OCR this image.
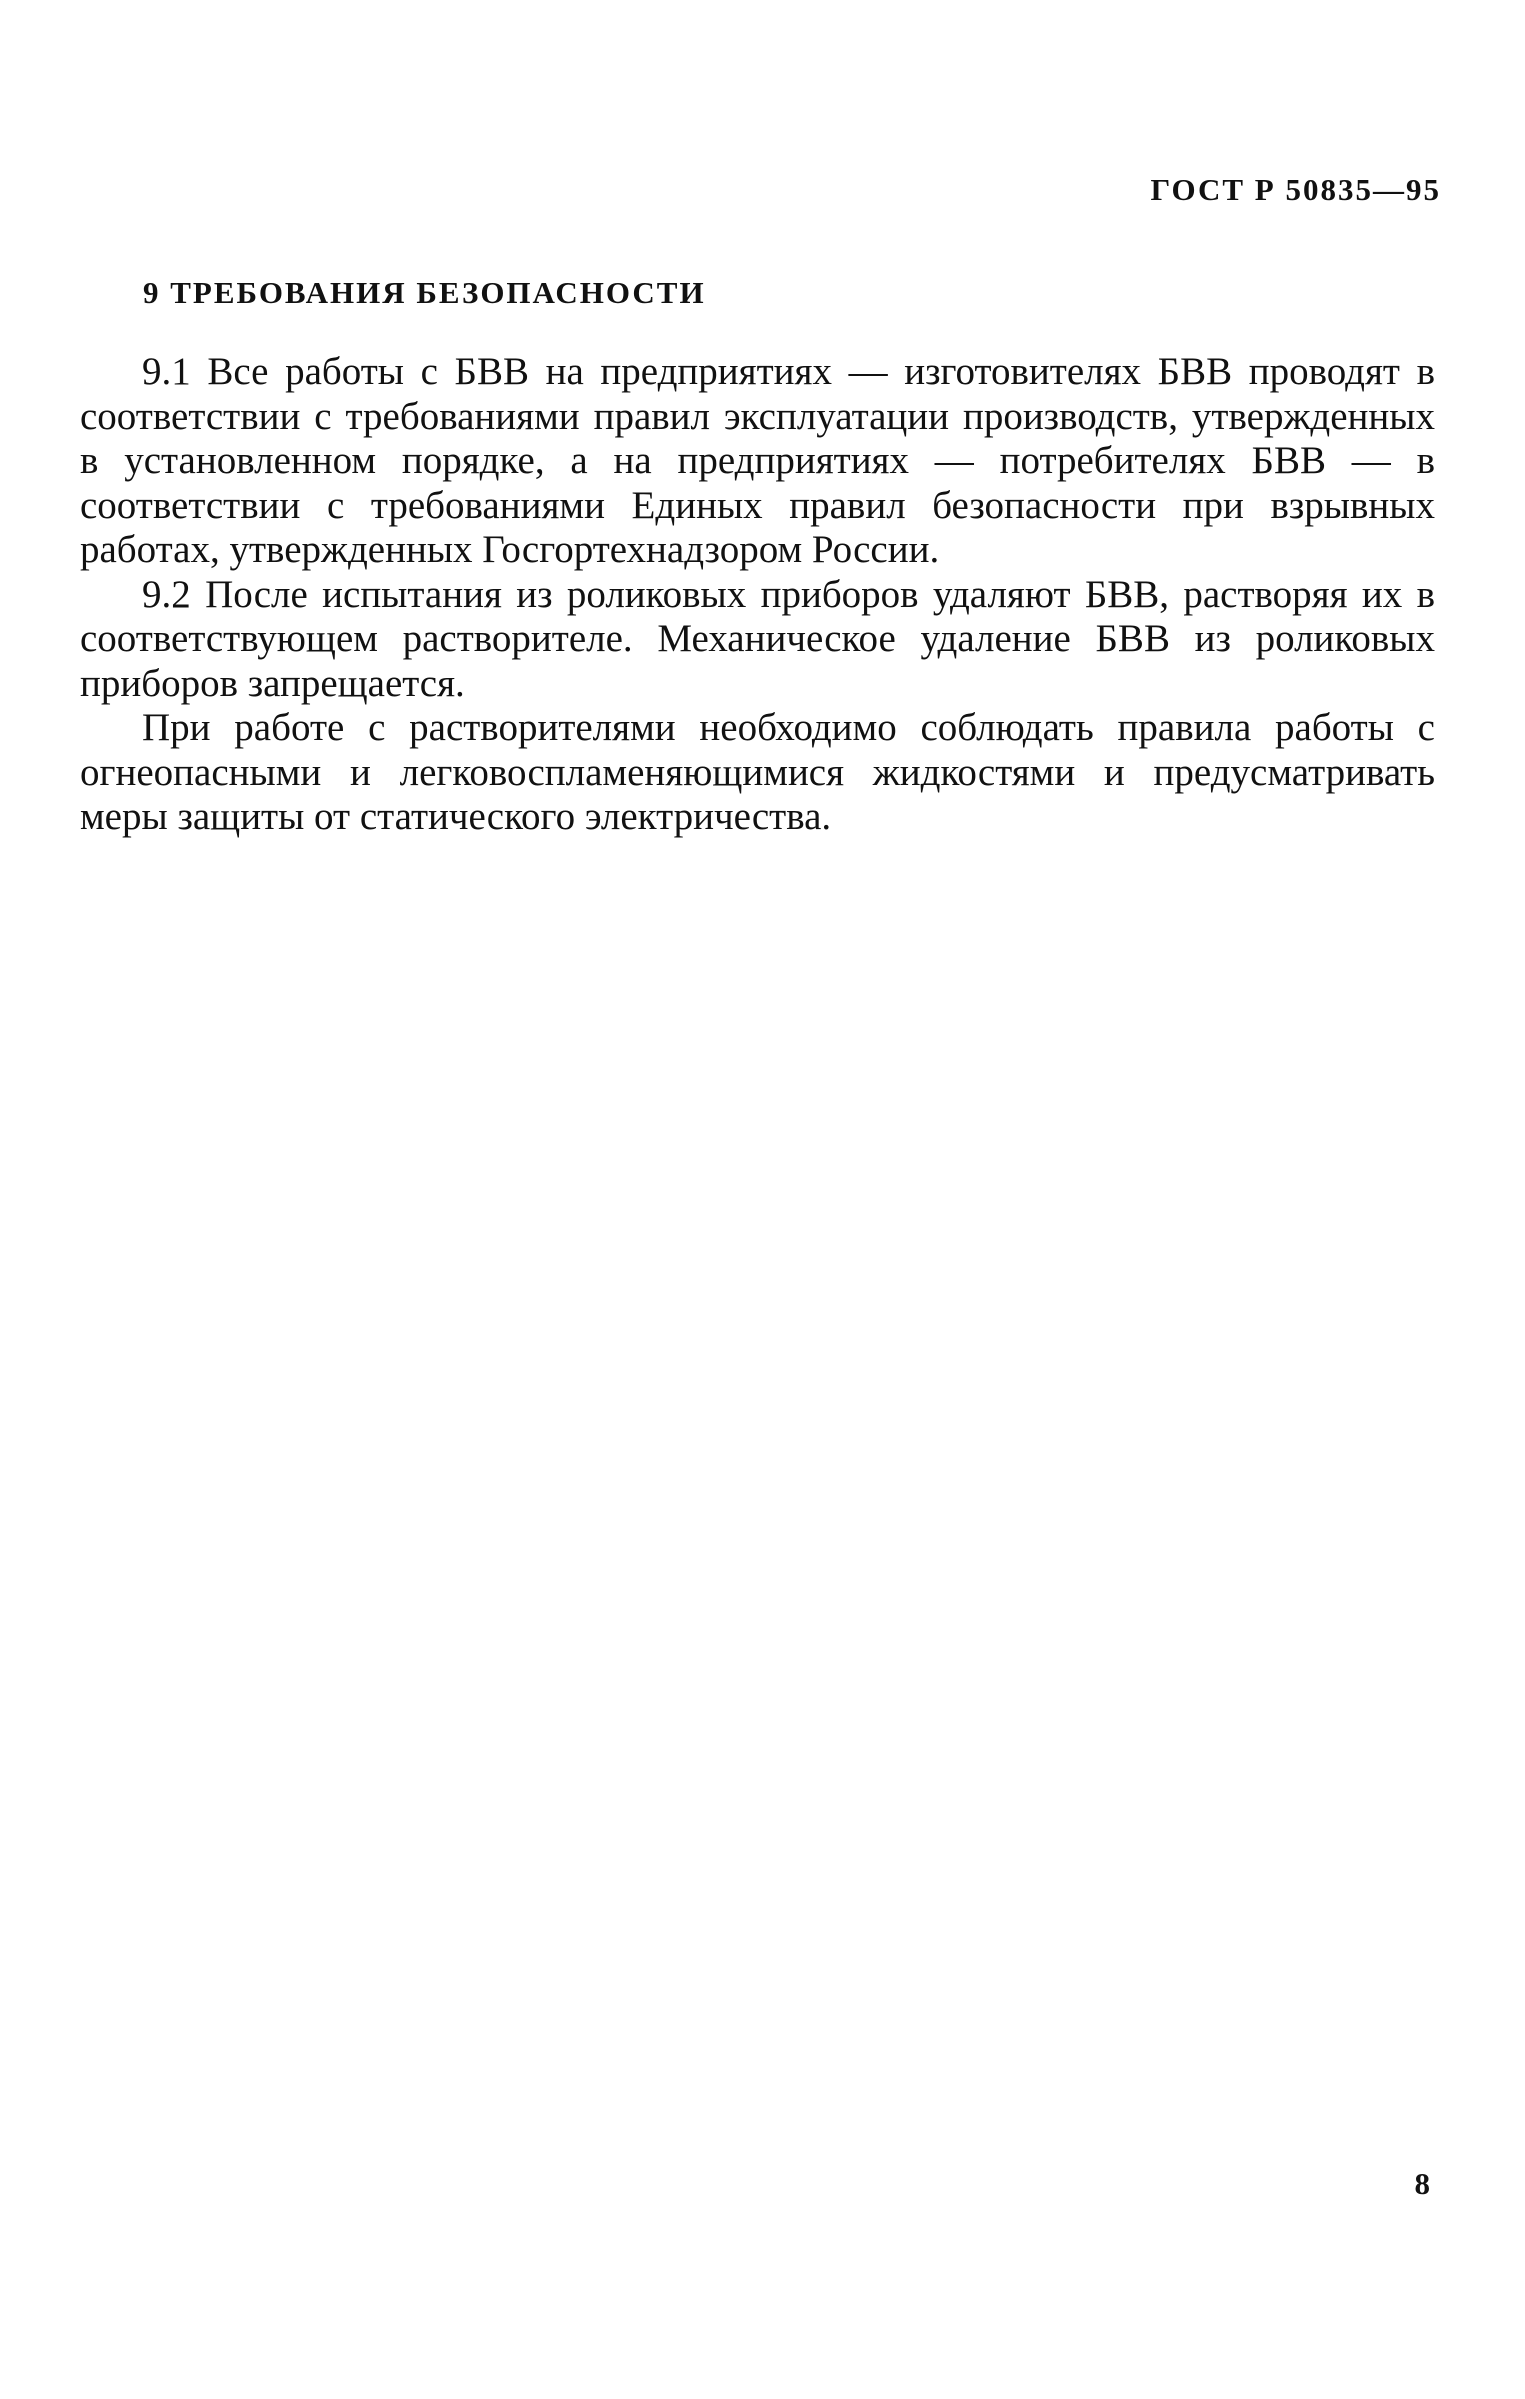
ГОСТ Р 50835—95
9 ТРЕБОВАНИЯ БЕЗОПАСНОСТИ

9.1 Все работы с БВВ на предприятиях — изготовителях БВВ проводят в соответствии с требованиями правил эксплуатации производств, утвержденных в установленном порядке, а на предприятиях — потребителях БВВ — в соответствии с требованиями Единых правил безопасности при взрывных работах, утвержденных Госгортехнадзором России.

9.2 После испытания из роликовых приборов удаляют БВВ, растворяя их в соответствующем растворителе. Механическое удаление БВВ из роликовых приборов запрещается.

При работе с растворителями необходимо соблюдать правила работы с огнеопасными и легковоспламеняющимися жидкостями и предусматривать меры защиты от статического электричества.

8
